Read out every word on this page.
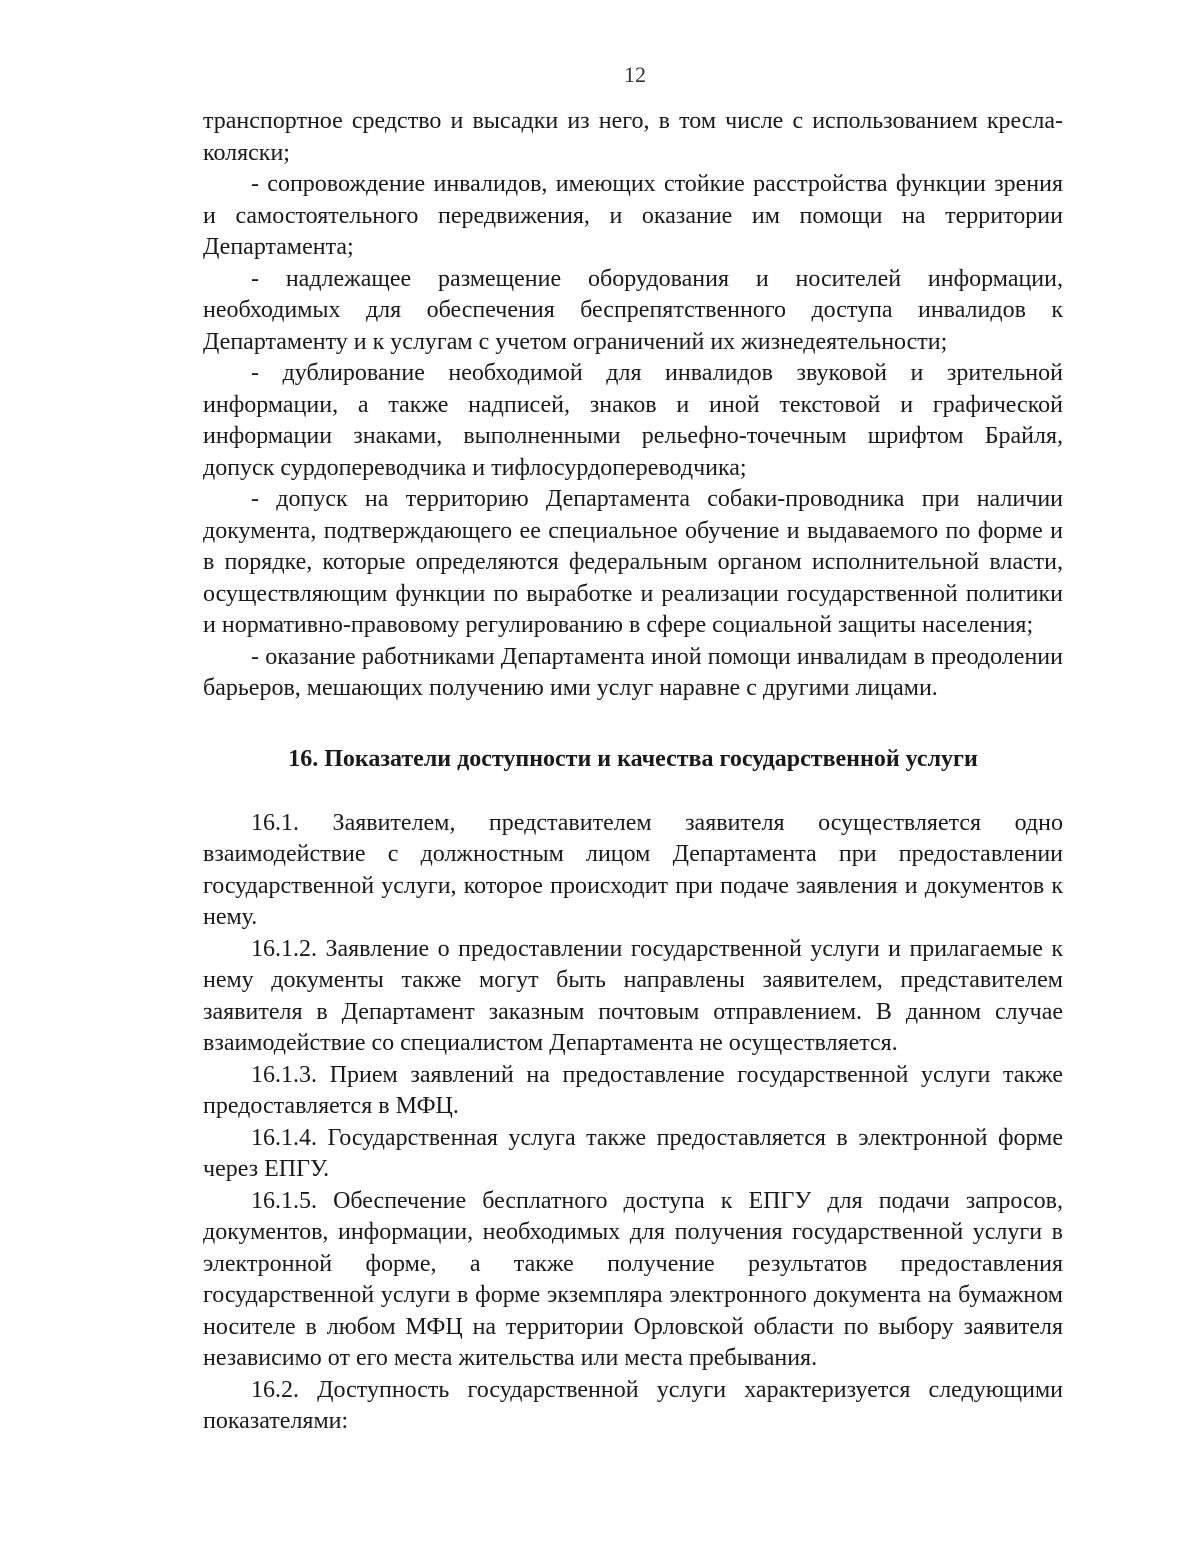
12

транспортное средство и высадки из него, в том числе с использованием кресла-коляски;

- сопровождение инвалидов, имеющих стойкие расстройства функции зрения и самостоятельного передвижения, и оказание им помощи на территории Департамента;

- надлежащее размещение оборудования и носителей информации, необходимых для обеспечения беспрепятственного доступа инвалидов к Департаменту и к услугам с учетом ограничений их жизнедеятельности;

- дублирование необходимой для инвалидов звуковой и зрительной информации, а также надписей, знаков и иной текстовой и графической информации знаками, выполненными рельефно-точечным шрифтом Брайля, допуск сурдопереводчика и тифлосурдопереводчика;

- допуск на территорию Департамента собаки-проводника при наличии документа, подтверждающего ее специальное обучение и выдаваемого по форме и в порядке, которые определяются федеральным органом исполнительной власти, осуществляющим функции по выработке и реализации государственной политики и нормативно-правовому регулированию в сфере социальной защиты населения;

- оказание работниками Департамента иной помощи инвалидам в преодолении барьеров, мешающих получению ими услуг наравне с другими лицами.

16. Показатели доступности и качества государственной услуги

16.1. Заявителем, представителем заявителя осуществляется одно взаимодействие с должностным лицом Департамента при предоставлении государственной услуги, которое происходит при подаче заявления и документов к нему.

16.1.2. Заявление о предоставлении государственной услуги и прилагаемые к нему документы также могут быть направлены заявителем, представителем заявителя в Департамент заказным почтовым отправлением. В данном случае взаимодействие со специалистом Департамента не осуществляется.

16.1.3. Прием заявлений на предоставление государственной услуги также предоставляется в МФЦ.

16.1.4. Государственная услуга также предоставляется в электронной форме через ЕПГУ.

16.1.5. Обеспечение бесплатного доступа к ЕПГУ для подачи запросов, документов, информации, необходимых для получения государственной услуги в электронной форме, а также получение результатов предоставления государственной услуги в форме экземпляра электронного документа на бумажном носителе в любом МФЦ на территории Орловской области по выбору заявителя независимо от его места жительства или места пребывания.

16.2. Доступность государственной услуги характеризуется следующими показателями:
